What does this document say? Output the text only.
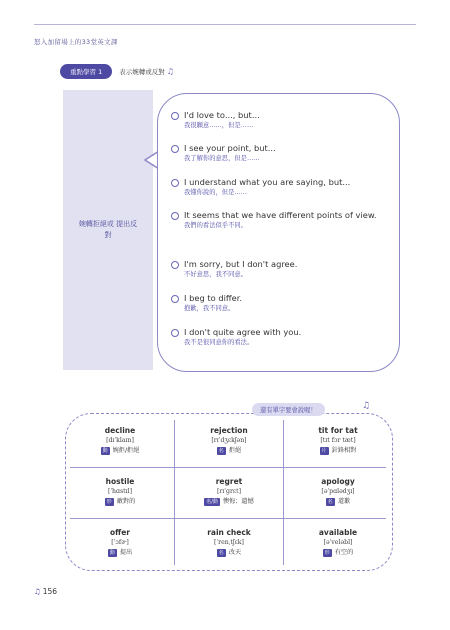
怒入加留場上的33堂英文課
重點學習 1	表示婉轉或反對 ♫
婉轉拒絕或 提出反對
I'd love to..., but...
我很願意……，但是……
I see your point, but...
我了解你的意思，但是……
I understand what you are saying, but...
我懂你說的，但是……
It seems that we have different points of view.
我們的看法似乎不同。
I'm sorry, but I don't agree.
不好意思，我不同意。
I beg to differ.
抱歉，我不同意。
I don't quite agree with you.
我不是很同意你的看法。
還有單字要會說喔！	♫
decline
[dɪˈklaɪn]
動 婉拒/拒絕
rejection
[rɪˈdʒɛkʃən]
名 拒絕
tit for tat
[tɪt fɔr tæt]
片 針鋒相對
hostile
[ˈhɑstɪl]
形 敵對的
regret
[rɪˈgrɛt]
名/動 懊悔；遺憾
apology
[əˈpɑlədʒɪ]
名 道歉
offer
[ˈɔfɚ]
動 提出
rain check
[ˈrenˌtʃɛk]
名 改天
available
[əˈveləbl]
形 有空的
♫ 156
